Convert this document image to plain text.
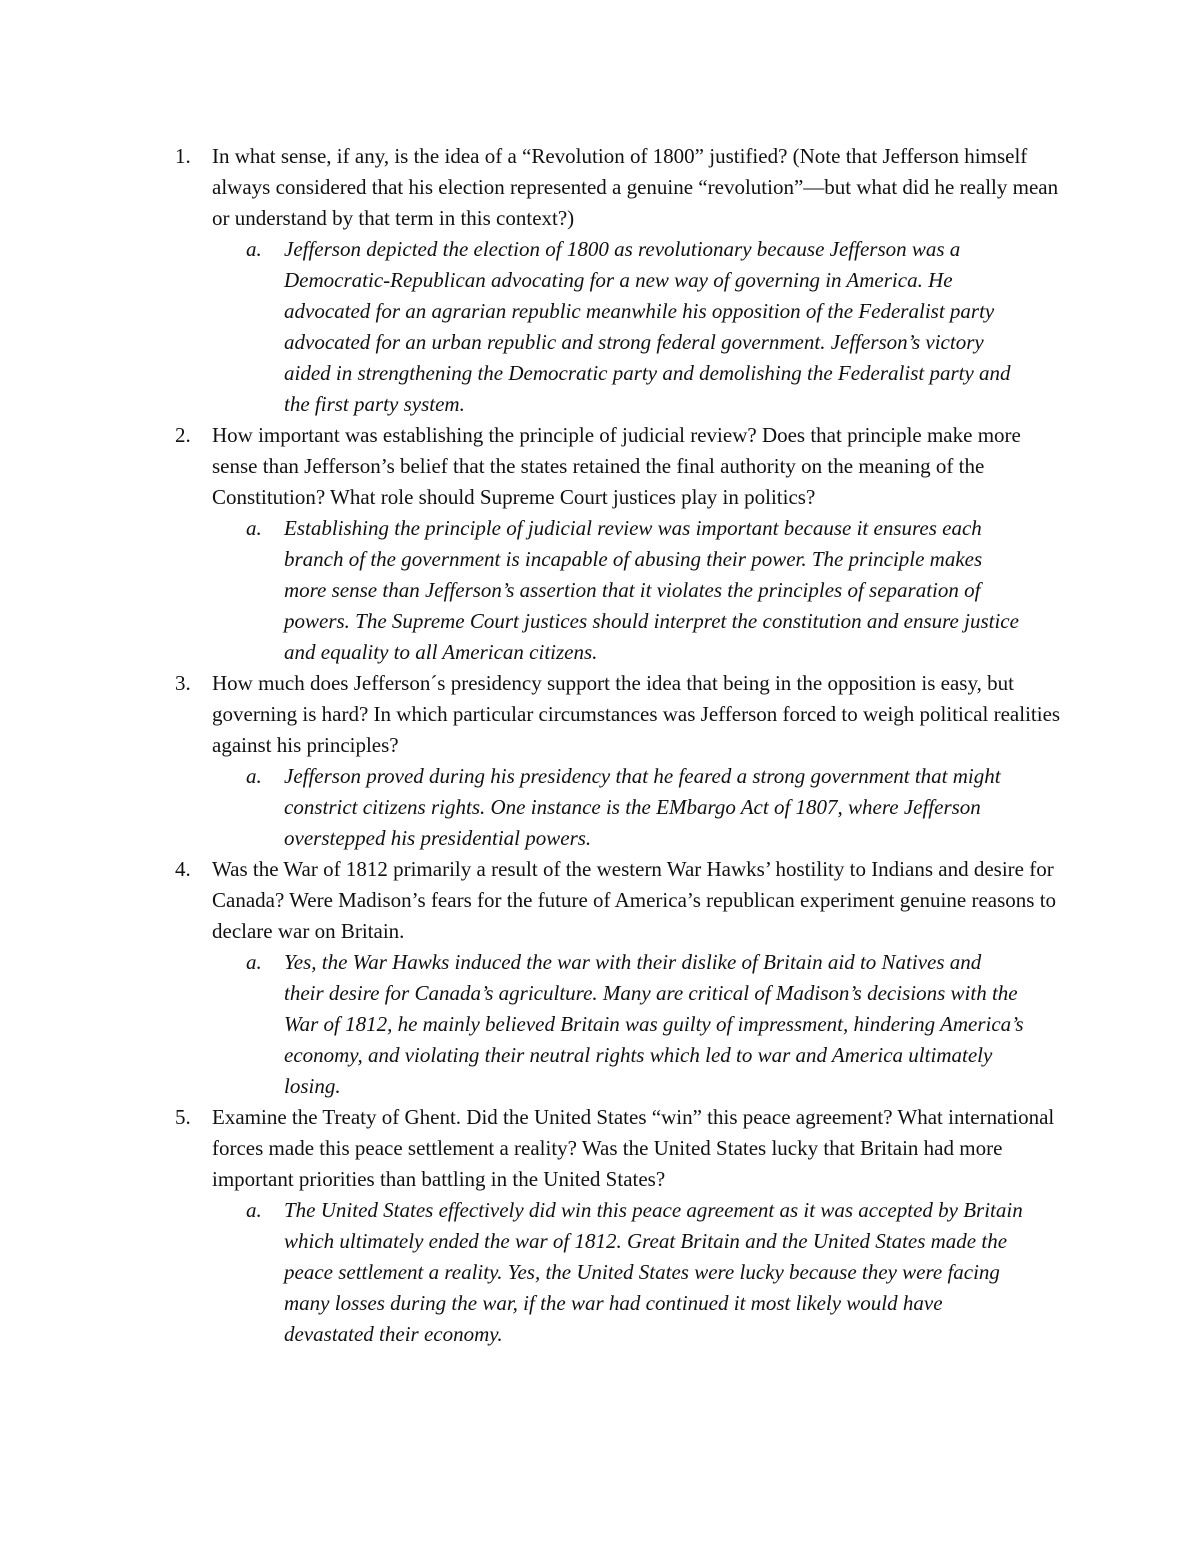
1. In what sense, if any, is the idea of a “Revolution of 1800” justified? (Note that Jefferson himself always considered that his election represented a genuine “revolution”—but what did he really mean or understand by that term in this context?)
a. Jefferson depicted the election of 1800 as revolutionary because Jefferson was a Democratic-Republican advocating for a new way of governing in America. He advocated for an agrarian republic meanwhile his opposition of the Federalist party advocated for an urban republic and strong federal government. Jefferson’s victory aided in strengthening the Democratic party and demolishing the Federalist party and the first party system.
2. How important was establishing the principle of judicial review? Does that principle make more sense than Jefferson’s belief that the states retained the final authority on the meaning of the Constitution? What role should Supreme Court justices play in politics?
a. Establishing the principle of judicial review was important because it ensures each branch of the government is incapable of abusing their power. The principle makes more sense than Jefferson’s assertion that it violates the principles of separation of powers. The Supreme Court justices should interpret the constitution and ensure justice and equality to all American citizens.
3. How much does Jefferson´s presidency support the idea that being in the opposition is easy, but governing is hard? In which particular circumstances was Jefferson forced to weigh political realities against his principles?
a. Jefferson proved during his presidency that he feared a strong government that might constrict citizens rights. One instance is the EMbargo Act of 1807, where Jefferson overstepped his presidential powers.
4. Was the War of 1812 primarily a result of the western War Hawks’ hostility to Indians and desire for Canada? Were Madison’s fears for the future of America’s republican experiment genuine reasons to declare war on Britain.
a. Yes, the War Hawks induced the war with their dislike of Britain aid to Natives and their desire for Canada’s agriculture. Many are critical of Madison’s decisions with the War of 1812, he mainly believed Britain was guilty of impressment, hindering America’s economy, and violating their neutral rights which led to war and America ultimately losing.
5. Examine the Treaty of Ghent. Did the United States “win” this peace agreement? What international forces made this peace settlement a reality? Was the United States lucky that Britain had more important priorities than battling in the United States?
a. The United States effectively did win this peace agreement as it was accepted by Britain which ultimately ended the war of 1812. Great Britain and the United States made the peace settlement a reality. Yes, the United States were lucky because they were facing many losses during the war, if the war had continued it most likely would have devastated their economy.
